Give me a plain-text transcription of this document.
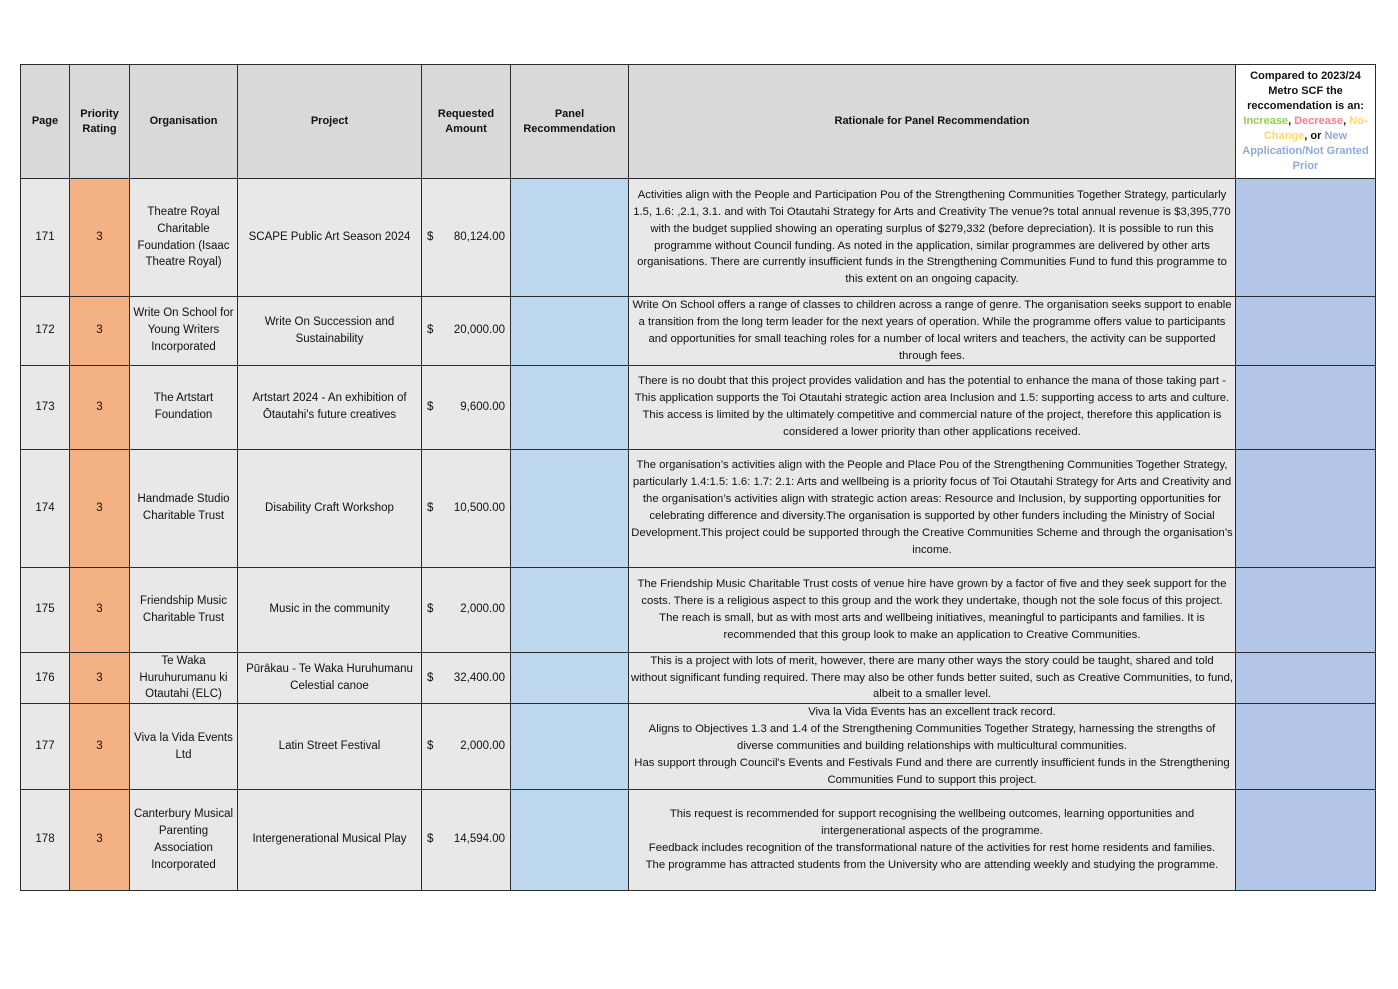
Page	Priority Rating	Organisation	Project	Requested Amount	Panel Recommendation	Rationale for Panel Recommendation	Compared to 2023/24 Metro SCF the reccomendation is an: Increase, Decrease, No-Change, or New Application/Not Granted Prior
171	3	Theatre Royal Charitable Foundation (Isaac Theatre Royal)	SCAPE Public Art Season 2024	$ 80,124.00		Activities align with the People and Participation Pou of the Strengthening Communities Together Strategy, particularly 1.5, 1.6: ,2.1, 3.1. and with Toi Otautahi Strategy for Arts and Creativity The venue?s total annual revenue is $3,395,770 with the budget supplied showing an operating surplus of $279,332 (before depreciation). It is possible to run this programme without Council funding. As noted in the application, similar programmes are delivered by other arts organisations. There are currently insufficient funds in the Strengthening Communities Fund to fund this programme to this extent on an ongoing capacity.	
172	3	Write On School for Young Writers Incorporated	Write On Succession and Sustainability	$ 20,000.00		Write On School offers a range of classes to children across a range of genre. The organisation seeks support to enable a transition from the long term leader for the next years of operation. While the programme offers value to participants and opportunities for small teaching roles for a number of local writers and teachers, the activity can be supported through fees.	
173	3	The Artstart Foundation	Artstart 2024 - An exhibition of Ōtautahi's future creatives	$ 9,600.00		There is no doubt that this project provides validation and has the potential to enhance the mana of those taking part - This application supports the Toi Otautahi strategic action area Inclusion and 1.5: supporting access to arts and culture. This access is limited by the ultimately competitive and commercial nature of the project, therefore this application is considered a lower priority than other applications received.	
174	3	Handmade Studio Charitable Trust	Disability Craft Workshop	$ 10,500.00		The organisation’s activities align with the People and Place Pou of the Strengthening Communities Together Strategy, particularly 1.4:1.5: 1.6: 1.7: 2.1: Arts and wellbeing is a priority focus of Toi Otautahi Strategy for Arts and Creativity and the organisation’s activities align with strategic action areas: Resource and Inclusion, by supporting opportunities for celebrating difference and diversity.The organisation is supported by other funders including the Ministry of Social Development.This project could be supported through the Creative Communities Scheme and through the organisation’s income.	
175	3	Friendship Music Charitable Trust	Music in the community	$ 2,000.00		The Friendship Music Charitable Trust costs of venue hire have grown by a factor of five and they seek support for the costs. There is a religious aspect to this group and the work they undertake, though not the sole focus of this project. The reach is small, but as with most arts and wellbeing initiatives, meaningful to participants and families. It is recommended that this group look to make an application to Creative Communities.	
176	3	Te Waka Huruhurumanu ki Otautahi (ELC)	Pūrākau - Te Waka Huruhumanu Celestial canoe	$ 32,400.00		This is a project with lots of merit, however, there are many other ways the story could be taught, shared and told without significant funding required. There may also be other funds better suited, such as Creative Communities, to fund, albeit to a smaller level.	
177	3	Viva la Vida Events Ltd	Latin Street Festival	$ 2,000.00		Viva la Vida Events has an excellent track record.
Aligns to Objectives 1.3 and 1.4 of the Strengthening Communities Together Strategy, harnessing the strengths of diverse communities and building relationships with multicultural communities.
Has support through Council's Events and Festivals Fund and there are currently insufficient funds in the Strengthening Communities Fund to support this project.	
178	3	Canterbury Musical Parenting Association Incorporated	Intergenerational Musical Play	$ 14,594.00		This request is recommended for support recognising the wellbeing outcomes, learning opportunities and intergenerational aspects of the programme.
Feedback includes recognition of the transformational nature of the activities for rest home residents and families.
The programme has attracted students from the University who are attending weekly and studying the programme.	
